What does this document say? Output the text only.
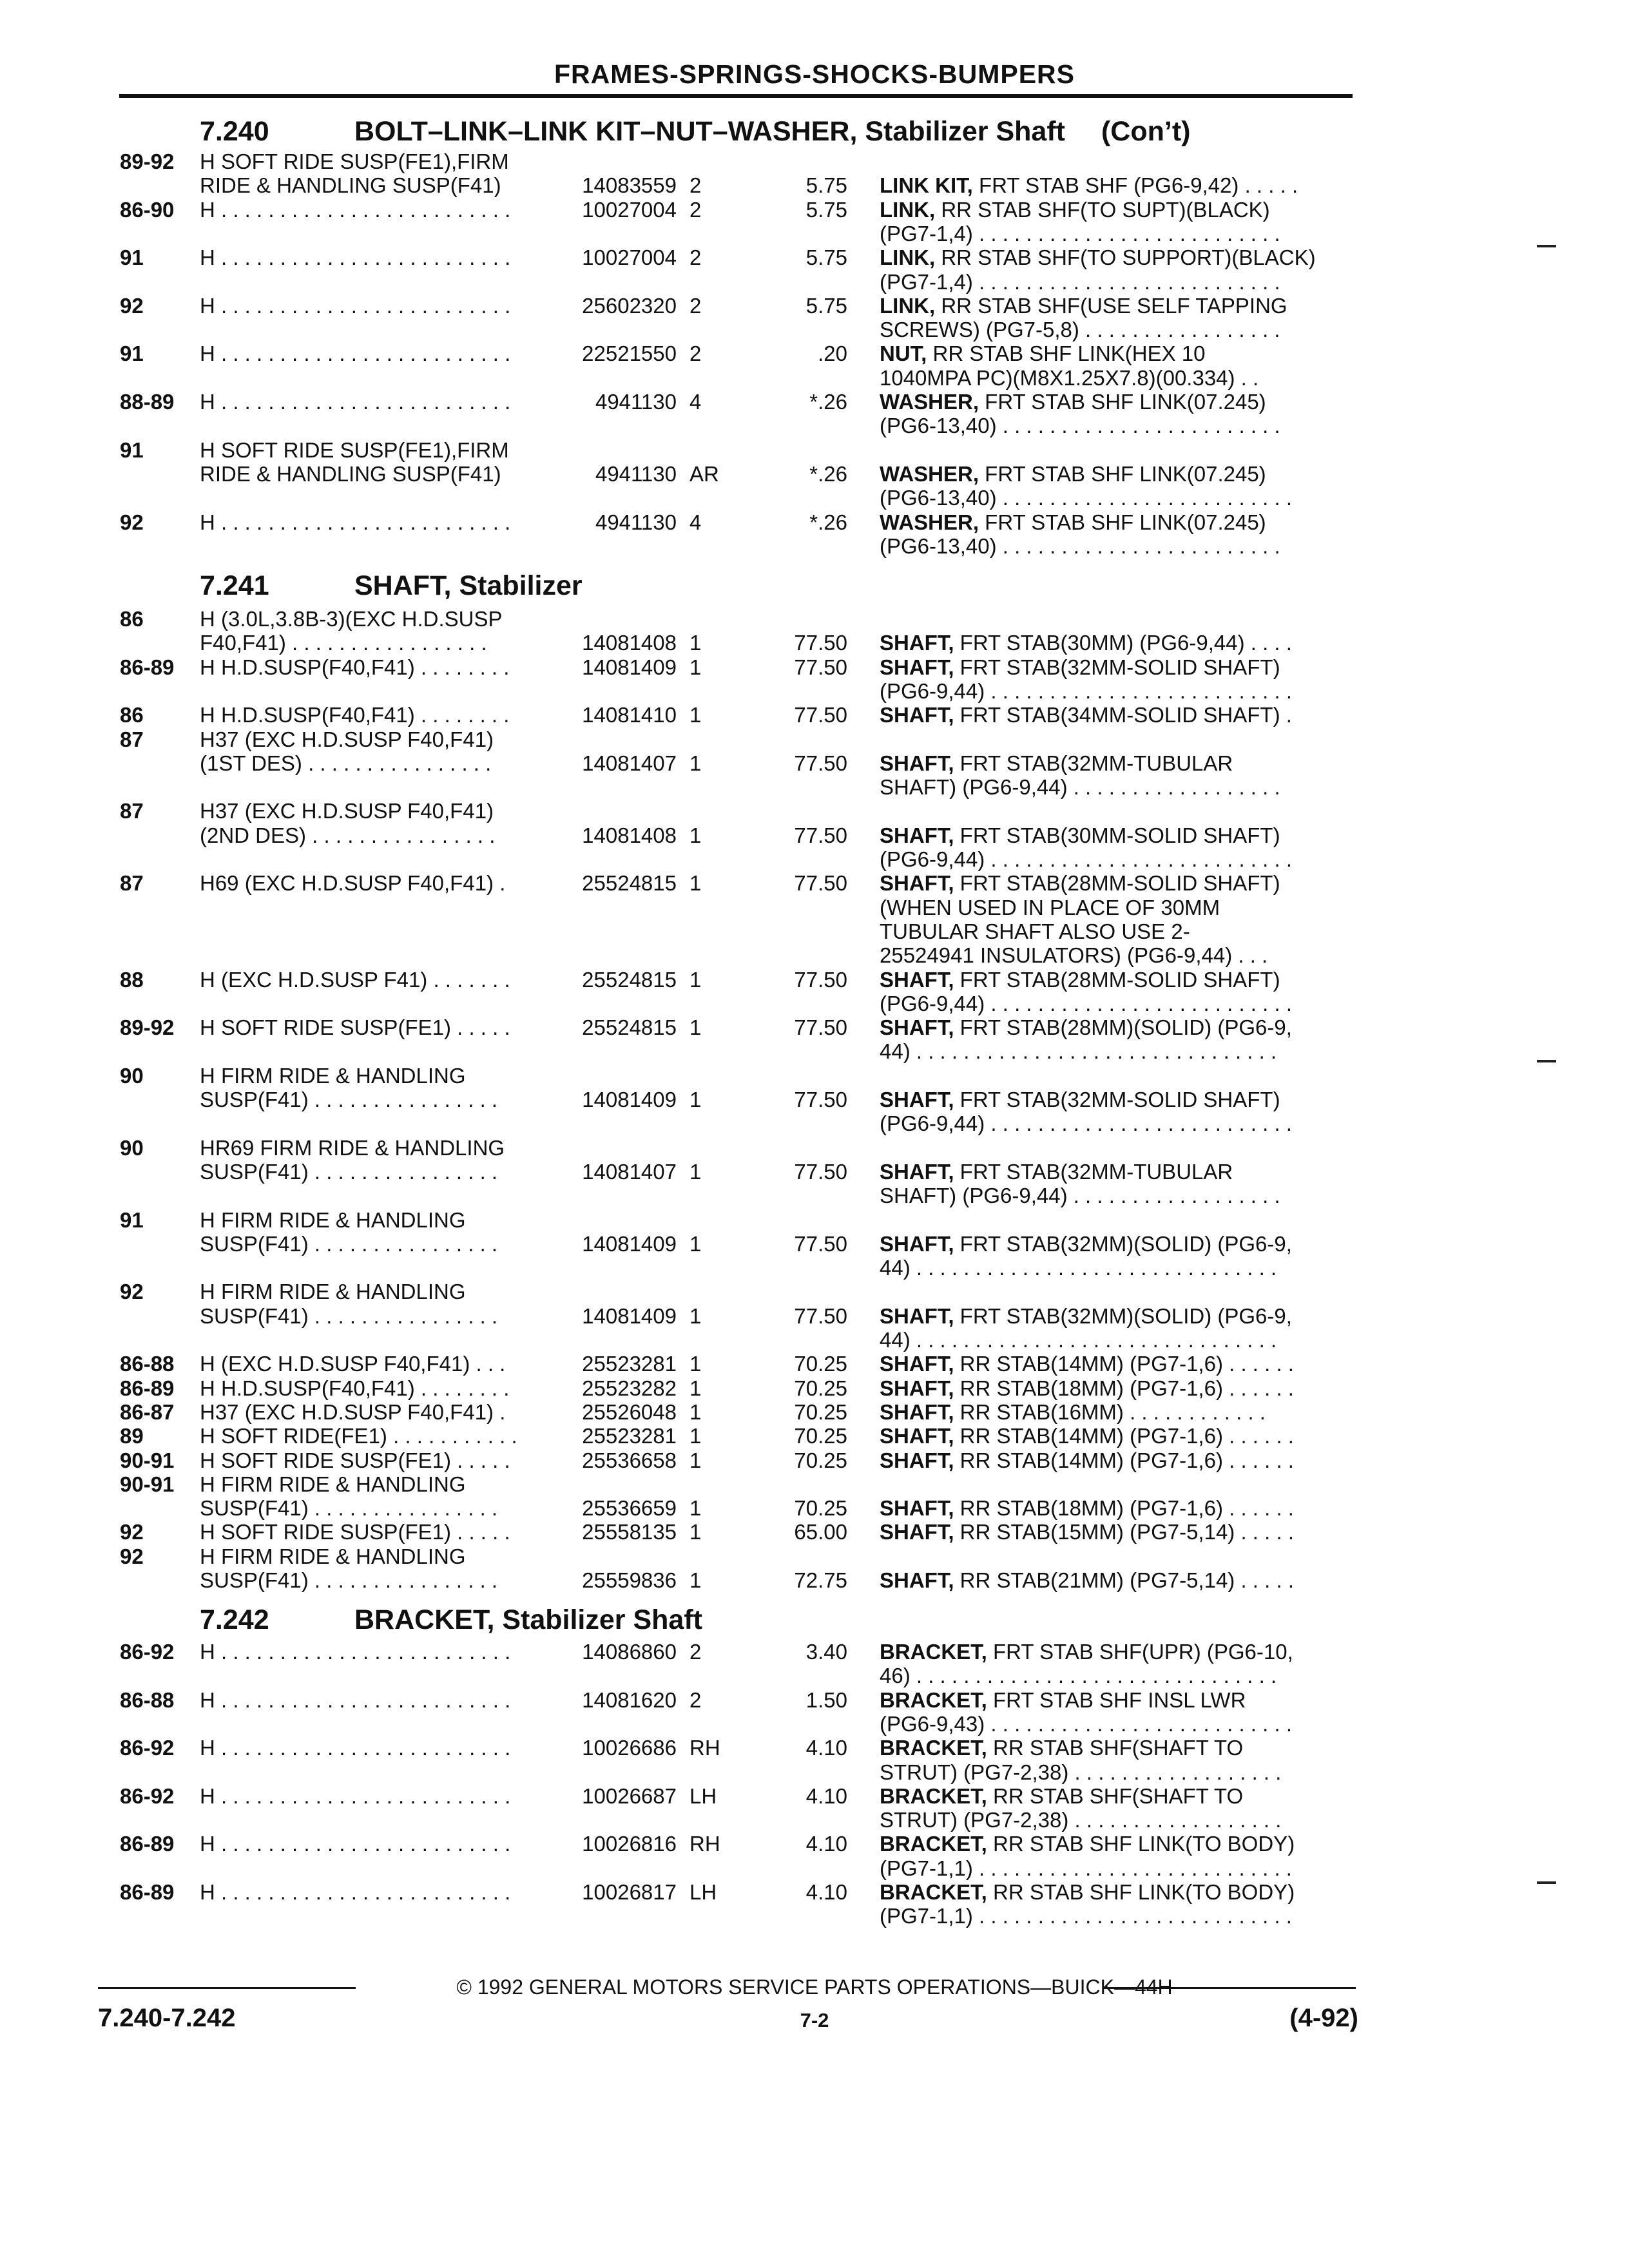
FRAMES-SPRINGS-SHOCKS-BUMPERS
7.240	BOLT–LINK–LINK KIT–NUT–WASHER, Stabilizer Shaft (Con’t)
7.241	SHAFT, Stabilizer
7.242	BRACKET, Stabilizer Shaft
89-92 H SOFT RIDE SUSP(FE1),FIRM
RIDE & HANDLING SUSP(F41)	14083559 2	5.75 LINK KIT, FRT STAB SHF (PG6-9,42) . . . . .
86-90 H . . . . . . . . . . . . . . . . . . . . . . . . .	10027004 2	5.75 LINK, RR STAB SHF(TO SUPT)(BLACK)
(PG7-1,4) . . . . . . . . . . . . . . . . . . . . . . . . . .
91	H . . . . . . . . . . . . . . . . . . . . . . . . .	10027004 2	5.75 LINK, RR STAB SHF(TO SUPPORT)(BLACK)
(PG7-1,4) . . . . . . . . . . . . . . . . . . . . . . . . . .
92	H . . . . . . . . . . . . . . . . . . . . . . . . .	25602320 2	5.75 LINK, RR STAB SHF(USE SELF TAPPING
SCREWS) (PG7-5,8) . . . . . . . . . . . . . . . . .
91	H . . . . . . . . . . . . . . . . . . . . . . . . .	22521550 2	.20 NUT, RR STAB SHF LINK(HEX 10
1040MPA PC)(M8X1.25X7.8)(00.334) . .
88-89 H . . . . . . . . . . . . . . . . . . . . . . . . .	4941130 4	*.26 WASHER, FRT STAB SHF LINK(07.245)
(PG6-13,40) . . . . . . . . . . . . . . . . . . . . . . . .
91	H SOFT RIDE SUSP(FE1),FIRM
RIDE & HANDLING SUSP(F41)	4941130 AR	*.26 WASHER, FRT STAB SHF LINK(07.245)
(PG6-13,40) . . . . . . . . . . . . . . . . . . . . . . . . .
92	H . . . . . . . . . . . . . . . . . . . . . . . . .	4941130 4	*.26 WASHER, FRT STAB SHF LINK(07.245)
(PG6-13,40) . . . . . . . . . . . . . . . . . . . . . . . .
86	H (3.0L,3.8B-3)(EXC H.D.SUSP
F40,F41) . . . . . . . . . . . . . . . . .	14081408 1	77.50 SHAFT, FRT STAB(30MM) (PG6-9,44) . . . .
86-89 H H.D.SUSP(F40,F41) . . . . . . . .	14081409 1	77.50 SHAFT, FRT STAB(32MM-SOLID SHAFT)
(PG6-9,44) . . . . . . . . . . . . . . . . . . . . . . . . . .
86	H H.D.SUSP(F40,F41) . . . . . . . .	14081410 1	77.50 SHAFT, FRT STAB(34MM-SOLID SHAFT) .
87	H37 (EXC H.D.SUSP F40,F41)
(1ST DES) . . . . . . . . . . . . . . . .	14081407 1	77.50 SHAFT, FRT STAB(32MM-TUBULAR
SHAFT) (PG6-9,44) . . . . . . . . . . . . . . . . . .
87	H37 (EXC H.D.SUSP F40,F41)
(2ND DES) . . . . . . . . . . . . . . . .	14081408 1	77.50 SHAFT, FRT STAB(30MM-SOLID SHAFT)
(PG6-9,44) . . . . . . . . . . . . . . . . . . . . . . . . . .
87	H69 (EXC H.D.SUSP F40,F41) .	25524815 1	77.50 SHAFT, FRT STAB(28MM-SOLID SHAFT)
(WHEN USED IN PLACE OF 30MM
TUBULAR SHAFT ALSO USE 2-
25524941 INSULATORS) (PG6-9,44) . . .
88	H (EXC H.D.SUSP F41) . . . . . . .	25524815 1	77.50 SHAFT, FRT STAB(28MM-SOLID SHAFT)
(PG6-9,44) . . . . . . . . . . . . . . . . . . . . . . . . . .
89-92 H SOFT RIDE SUSP(FE1) . . . . .	25524815 1	77.50 SHAFT, FRT STAB(28MM)(SOLID) (PG6-9,
44) . . . . . . . . . . . . . . . . . . . . . . . . . . . . . . .
90	H FIRM RIDE & HANDLING
SUSP(F41) . . . . . . . . . . . . . . . .	14081409 1	77.50 SHAFT, FRT STAB(32MM-SOLID SHAFT)
(PG6-9,44) . . . . . . . . . . . . . . . . . . . . . . . . . .
90	HR69 FIRM RIDE & HANDLING
SUSP(F41) . . . . . . . . . . . . . . . .	14081407 1	77.50 SHAFT, FRT STAB(32MM-TUBULAR
SHAFT) (PG6-9,44) . . . . . . . . . . . . . . . . . .
91	H FIRM RIDE & HANDLING
SUSP(F41) . . . . . . . . . . . . . . . .	14081409 1	77.50 SHAFT, FRT STAB(32MM)(SOLID) (PG6-9,
44) . . . . . . . . . . . . . . . . . . . . . . . . . . . . . . .
92	H FIRM RIDE & HANDLING
SUSP(F41) . . . . . . . . . . . . . . . .	14081409 1	77.50 SHAFT, FRT STAB(32MM)(SOLID) (PG6-9,
44) . . . . . . . . . . . . . . . . . . . . . . . . . . . . . . .
86-88 H (EXC H.D.SUSP F40,F41) . . .	25523281 1	70.25 SHAFT, RR STAB(14MM) (PG7-1,6) . . . . . .
86-89 H H.D.SUSP(F40,F41) . . . . . . . .	25523282 1	70.25 SHAFT, RR STAB(18MM) (PG7-1,6) . . . . . .
86-87 H37 (EXC H.D.SUSP F40,F41) .	25526048 1	70.25 SHAFT, RR STAB(16MM) . . . . . . . . . . . .
89	H SOFT RIDE(FE1) . . . . . . . . . . .	25523281 1	70.25 SHAFT, RR STAB(14MM) (PG7-1,6) . . . . . .
90-91 H SOFT RIDE SUSP(FE1) . . . . .	25536658 1	70.25 SHAFT, RR STAB(14MM) (PG7-1,6) . . . . . .
90-91 H FIRM RIDE & HANDLING
SUSP(F41) . . . . . . . . . . . . . . . .	25536659 1	70.25 SHAFT, RR STAB(18MM) (PG7-1,6) . . . . . .
92	H SOFT RIDE SUSP(FE1) . . . . .	25558135 1	65.00 SHAFT, RR STAB(15MM) (PG7-5,14) . . . . .
92	H FIRM RIDE & HANDLING
SUSP(F41) . . . . . . . . . . . . . . . .	25559836 1	72.75 SHAFT, RR STAB(21MM) (PG7-5,14) . . . . .
86-92 H . . . . . . . . . . . . . . . . . . . . . . . . .	14086860 2	3.40 BRACKET, FRT STAB SHF(UPR) (PG6-10,
46) . . . . . . . . . . . . . . . . . . . . . . . . . . . . . . .
86-88 H . . . . . . . . . . . . . . . . . . . . . . . . .	14081620 2	1.50 BRACKET, FRT STAB SHF INSL LWR
(PG6-9,43) . . . . . . . . . . . . . . . . . . . . . . . . . .
86-92 H . . . . . . . . . . . . . . . . . . . . . . . . .	10026686 RH	4.10 BRACKET, RR STAB SHF(SHAFT TO
STRUT) (PG7-2,38) . . . . . . . . . . . . . . . . . .
86-92 H . . . . . . . . . . . . . . . . . . . . . . . . .	10026687 LH	4.10 BRACKET, RR STAB SHF(SHAFT TO
STRUT) (PG7-2,38) . . . . . . . . . . . . . . . . . .
86-89 H . . . . . . . . . . . . . . . . . . . . . . . . .	10026816 RH	4.10 BRACKET, RR STAB SHF LINK(TO BODY)
(PG7-1,1) . . . . . . . . . . . . . . . . . . . . . . . . . . .
86-89 H . . . . . . . . . . . . . . . . . . . . . . . . .	10026817 LH	4.10 BRACKET, RR STAB SHF LINK(TO BODY)
(PG7-1,1) . . . . . . . . . . . . . . . . . . . . . . . . . . .
© 1992 GENERAL MOTORS SERVICE PARTS OPERATIONS—BUICK—44H
7.240-7.242	7-2	(4-92)
